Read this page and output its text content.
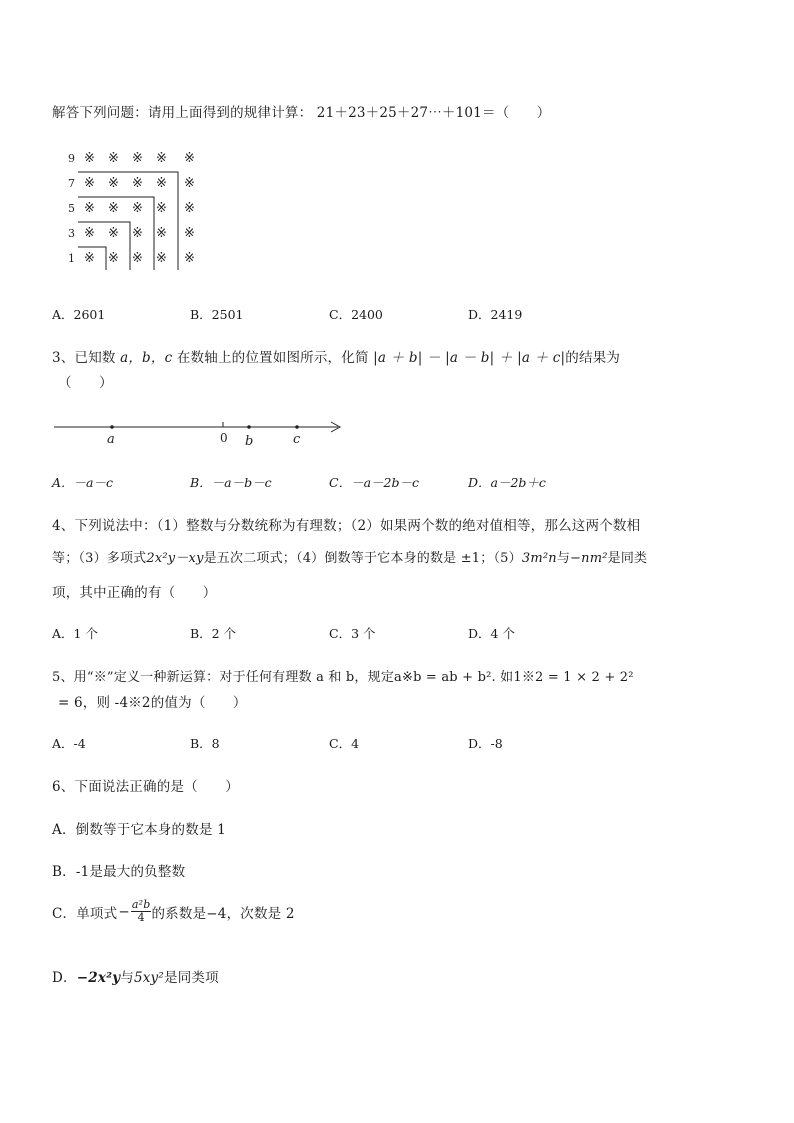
解答下列问题：请用上面得到的规律计算： 21＋23＋25＋27⋯＋101＝（　　）
9
7
5
3
1
※ ※ ※ ※ ※
※ ※ ※ ※ ※
※ ※ ※ ※ ※
※ ※ ※ ※ ※
※ ※ ※ ※ ※
A．2601	B．2501	C．2400	D．2419
3、已知数 a，b，c 在数轴上的位置如图所示，化简 |a ＋ b| － |a － b| ＋ |a ＋ c|的结果为
（　　）
a	0 b	c
A．－a－c	B．－a－b－c	C．－a－2b－c	D．a－2b＋c
4、下列说法中：（1）整数与分数统称为有理数；（2）如果两个数的绝对值相等，那么这两个数相
等；（3）多项式2x²y－xy是五次二项式；（4）倒数等于它本身的数是 ±1；（5）3m²n与−nm²是同类
项，其中正确的有（　　）
A．1 个	B．2 个	C．3 个	D．4 个
5、用“※”定义一种新运算：对于任何有理数 a 和 b，规定a※b = ab + b². 如1※2 = 1 × 2 + 2²
= 6，则 -4※2的值为（　　）
A．-4	B．8	C．4	D．-8
6、下面说法正确的是（　　）
A．倒数等于它本身的数是 1
B．-1是最大的负整数
C．单项式 − $\frac{\text{a²b}}{4}$ 的系数是−4，次数是 2
D．−2x²y与5xy²是同类项
